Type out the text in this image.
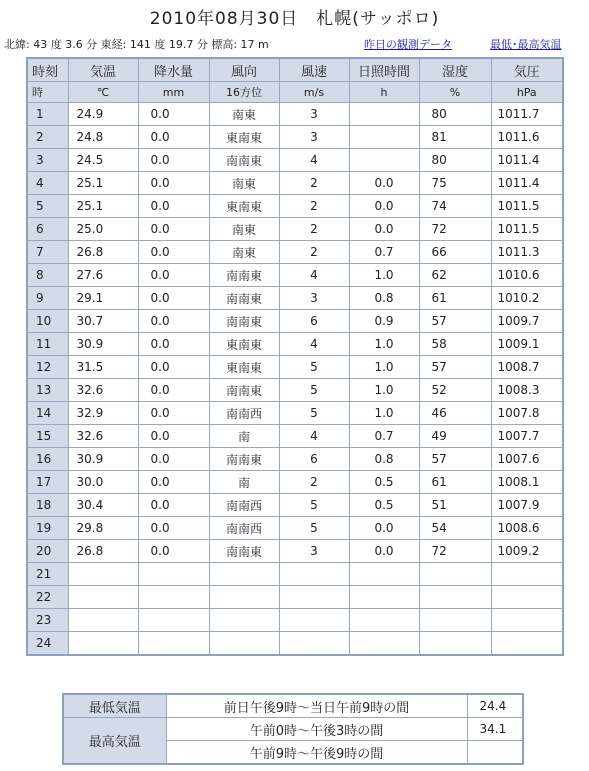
2010年08月30日　札幌(サッポロ)
北緯: 43 度 3.6 分 東経: 141 度 19.7 分 標高: 17 m	昨日の観測データ	最低･最高気温
時刻	気温	降水量	風向	風速	日照時間	湿度	気圧
時	℃	mm	16方位	m/s	h	%	hPa
1	24.9	0.0	南東	3		80	1011.7
2	24.8	0.0	東南東	3		81	1011.6
3	24.5	0.0	南南東	4		80	1011.4
4	25.1	0.0	南東	2	0.0	75	1011.4
5	25.1	0.0	東南東	2	0.0	74	1011.5
6	25.0	0.0	南東	2	0.0	72	1011.5
7	26.8	0.0	南東	2	0.7	66	1011.3
8	27.6	0.0	南南東	4	1.0	62	1010.6
9	29.1	0.0	南南東	3	0.8	61	1010.2
10	30.7	0.0	南南東	6	0.9	57	1009.7
11	30.9	0.0	東南東	4	1.0	58	1009.1
12	31.5	0.0	東南東	5	1.0	57	1008.7
13	32.6	0.0	南南東	5	1.0	52	1008.3
14	32.9	0.0	南南西	5	1.0	46	1007.8
15	32.6	0.0	南	4	0.7	49	1007.7
16	30.9	0.0	南南東	6	0.8	57	1007.6
17	30.0	0.0	南	2	0.5	61	1008.1
18	30.4	0.0	南南西	5	0.5	51	1007.9
19	29.8	0.0	南南西	5	0.0	54	1008.6
20	26.8	0.0	南南東	3	0.0	72	1009.2
21							
22							
23							
24							
最低気温	前日午後9時～当日午前9時の間	24.4
最高気温	午前0時～午後3時の間	34.1
	午前9時～午後9時の間	
